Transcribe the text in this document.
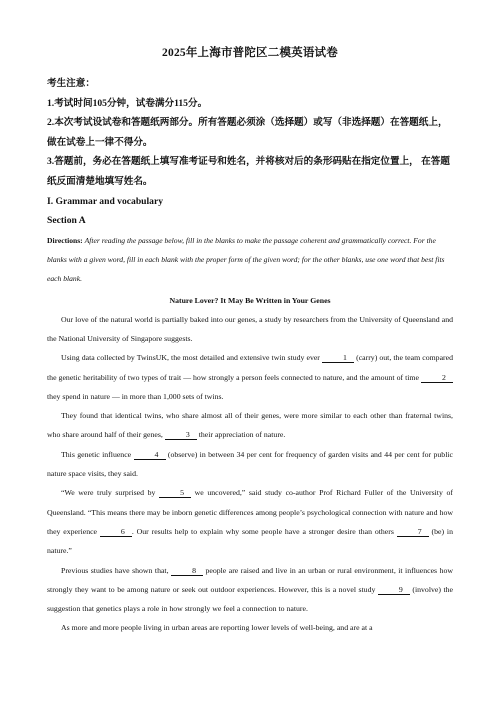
2025年上海市普陀区二模英语试卷

考生注意：

1.考试时间105分钟，试卷满分115分。

2.本次考试设试卷和答题纸两部分。所有答题必须涂（选择题）或写（非选择题）在答题纸上，做在试卷上一律不得分。

3.答题前，务必在答题纸上填写准考证号和姓名，并将核对后的条形码贴在指定位置上， 在答题纸反面清楚地填写姓名。

I. Grammar and vocabulary

Section A

Directions: After reading the passage below, fill in the blanks to make the passage coherent and grammatically correct. For the blanks with a given word, fill in each blank with the proper form of the given word; for the other blanks, use one word that best fits each blank.

Nature Lover? It May Be Written in Your Genes

Our love of the natural world is partially baked into our genes, a study by researchers from the University of Queensland and the National University of Singapore suggests.

Using data collected by TwinsUK, the most detailed and extensive twin study ever	1 (carry) out, the team compared the genetic heritability of two types of trait — how strongly a person feels connected to nature, and the amount of time	2 they spend in nature — in more than 1,000 sets of twins.

They found that identical twins, who share almost all of their genes, were more similar to each other than fraternal twins, who share around half of their genes,	3 their appreciation of nature.

This genetic influence	4 (observe) in between 34 per cent for frequency of garden visits and 44 per cent for public nature space visits, they said.

“We were truly surprised by	5 we uncovered,” said study co-author Prof Richard Fuller of the University of Queensland. “This means there may be inborn genetic differences among people’s psychological connection with nature and how they experience	6 . Our results help to explain why some people have a stronger desire than others	7 (be) in nature.”

Previous studies have shown that,	8 people are raised and live in an urban or rural environment, it influences how strongly they want to be among nature or seek out outdoor experiences. However, this is a novel study	9 (involve) the suggestion that genetics plays a role in how strongly we feel a connection to nature.

As more and more people living in urban areas are reporting lower levels of well-being, and are at a
